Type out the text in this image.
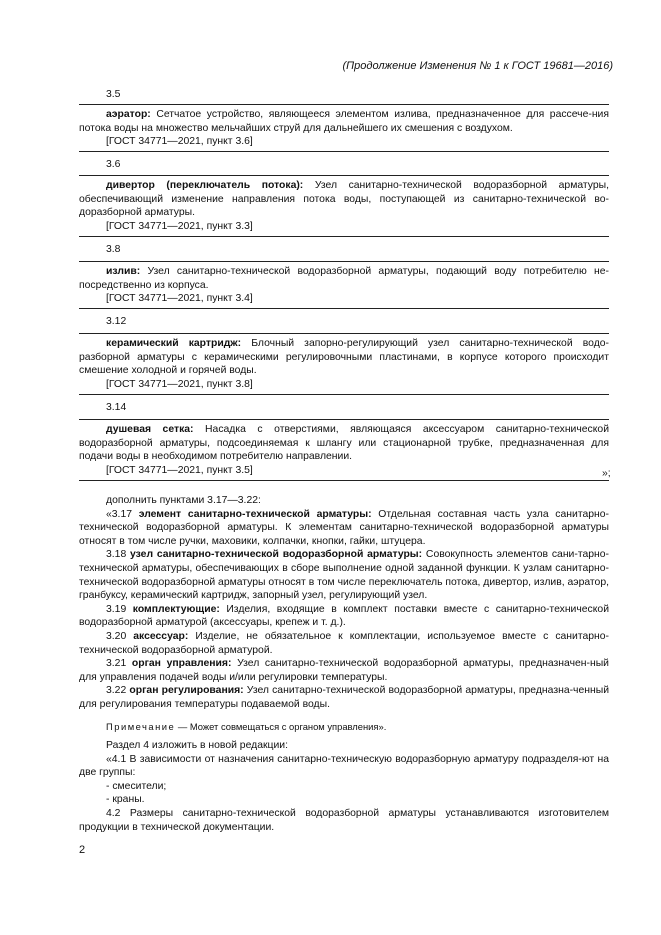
(Продолжение Изменения № 1 к ГОСТ 19681—2016)
3.5

аэратор: Сетчатое устройство, являющееся элементом излива, предназначенное для рассече-ния потока воды на множество мельчайших струй для дальнейшего их смешения с воздухом.

[ГОСТ 34771—2021, пункт 3.6]

3.6

дивертор (переключатель потока): Узел санитарно-технической водоразборной арматуры, обеспечивающий изменение направления потока воды, поступающей из санитарно-технической во-доразборной арматуры.

[ГОСТ 34771—2021, пункт 3.3]

3.8

излив: Узел санитарно-технической водоразборной арматуры, подающий воду потребителю не-посредственно из корпуса.

[ГОСТ 34771—2021, пункт 3.4]

3.12

керамический картридж: Блочный запорно-регулирующий узел санитарно-технической водо-разборной арматуры с керамическими регулировочными пластинами, в корпусе которого происходит смешение холодной и горячей воды.

[ГОСТ 34771—2021, пункт 3.8]

3.14

душевая сетка: Насадка с отверстиями, являющаяся аксессуаром санитарно-технической водоразборной арматуры, подсоединяемая к шлангу или стационарной трубке, предназначенная для подачи воды в необходимом потребителю направлении.

[ГОСТ 34771—2021, пункт 3.5]	»;

дополнить пунктами 3.17—3.22:

«3.17 элемент санитарно-технической арматуры: Отдельная составная часть узла санитарно-технической водоразборной арматуры. К элементам санитарно-технической водоразборной арматуры относят в том числе ручки, маховики, колпачки, кнопки, гайки, штуцера.

3.18 узел санитарно-технической водоразборной арматуры: Совокупность элементов сани-тарно-технической арматуры, обеспечивающих в сборе выполнение одной заданной функции. К узлам санитарно-технической водоразборной арматуры относят в том числе переключатель потока, дивертор, излив, аэратор, гранбуксу, керамический картридж, запорный узел, регулирующий узел.

3.19 комплектующие: Изделия, входящие в комплект поставки вместе с санитарно-технической водоразборной арматурой (аксессуары, крепеж и т. д.).

3.20 аксессуар: Изделие, не обязательное к комплектации, используемое вместе с санитарно-технической водоразборной арматурой.

3.21 орган управления: Узел санитарно-технической водоразборной арматуры, предназначен-ный для управления подачей воды и/или регулировки температуры.

3.22 орган регулирования: Узел санитарно-технической водоразборной арматуры, предназна-ченный для регулирования температуры подаваемой воды.

Примечание — Может совмещаться с органом управления».

Раздел 4 изложить в новой редакции:

«4.1 В зависимости от назначения санитарно-техническую водоразборную арматуру подразделя-ют на две группы:

- смесители;

- краны.

4.2 Размеры санитарно-технической водоразборной арматуры устанавливаются изготовителем продукции в технической документации.

2
